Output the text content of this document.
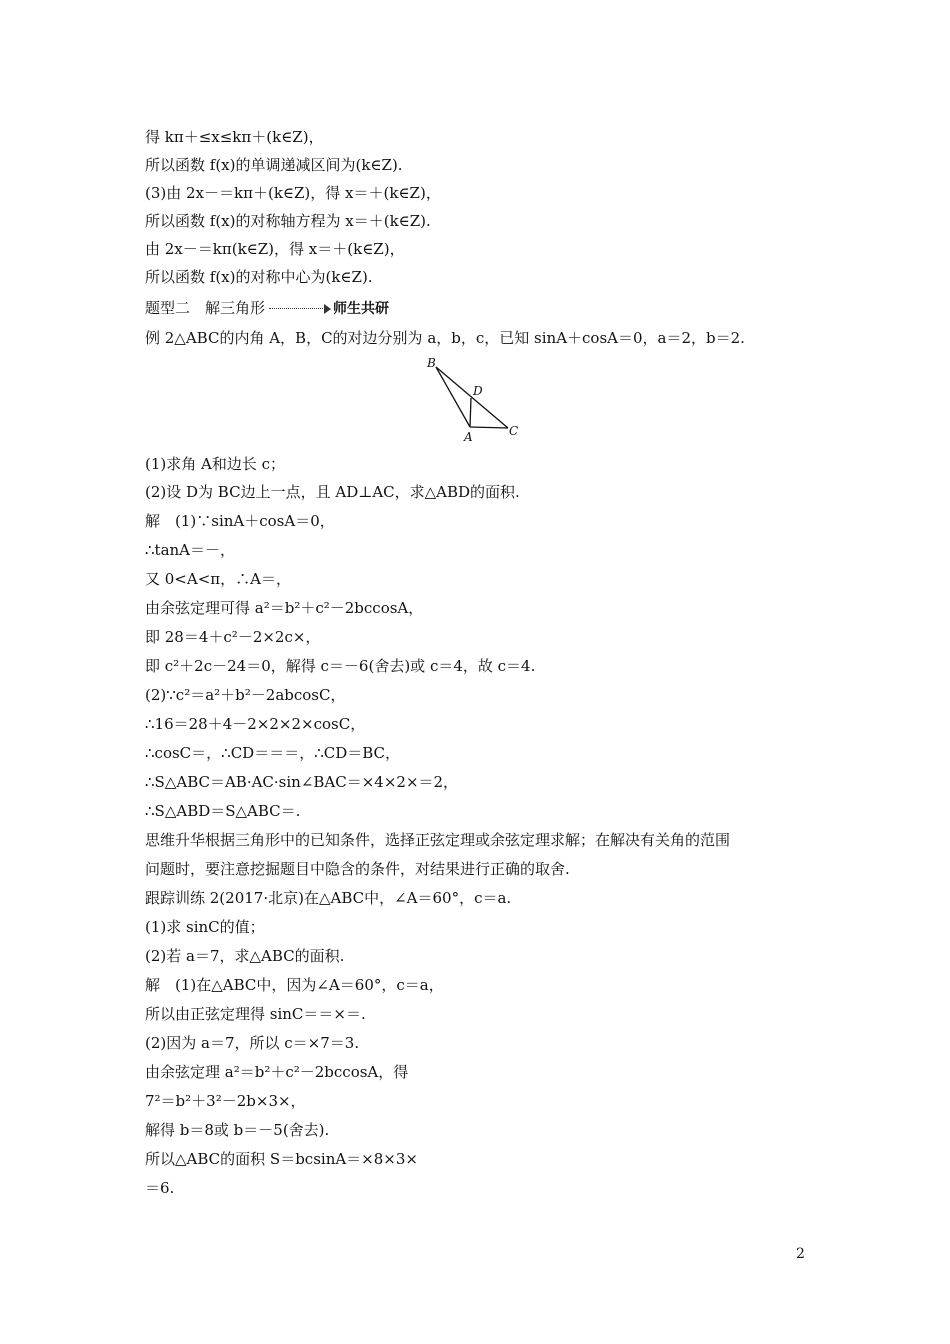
得 kπ＋≤x≤kπ＋(k∈Z)，
所以函数 f(x)的单调递减区间为(k∈Z).
(3)由 2x－＝kπ＋(k∈Z)，得 x＝＋(k∈Z)，
所以函数 f(x)的对称轴方程为 x＝＋(k∈Z).
由 2x－＝kπ(k∈Z)，得 x＝＋(k∈Z)，
所以函数 f(x)的对称中心为(k∈Z).
题型二　解三角形	师生共研
例 2△ABC的内角 A，B，C的对边分别为 a，b，c，已知 sinA＋cosA＝0，a＝2，b＝2.
B
D
A	C
(1)求角 A和边长 c；
(2)设 D为 BC边上一点，且 AD⊥AC，求△ABD的面积.
解　(1)∵sinA＋cosA＝0，
∴tanA＝－，
又 0<A<π，∴A＝，
由余弦定理可得 a²＝b²＋c²－2bccosA，
即 28＝4＋c²－2×2c×，
即 c²＋2c－24＝0，解得 c＝－6(舍去)或 c＝4，故 c＝4.
(2)∵c²＝a²＋b²－2abcosC，
∴16＝28＋4－2×2×2×cosC，
∴cosC＝，∴CD＝＝＝，∴CD＝BC，
∴S△ABC＝AB·AC·sin∠BAC＝×4×2×＝2，
∴S△ABD＝S△ABC＝.
思维升华根据三角形中的已知条件，选择正弦定理或余弦定理求解；在解决有关角的范围
问题时，要注意挖掘题目中隐含的条件，对结果进行正确的取舍.
跟踪训练 2(2017·北京)在△ABC中，∠A＝60°，c＝a.
(1)求 sinC的值；
(2)若 a＝7，求△ABC的面积.
解　(1)在△ABC中，因为∠A＝60°，c＝a，
所以由正弦定理得 sinC＝＝×＝.
(2)因为 a＝7，所以 c＝×7＝3.
由余弦定理 a²＝b²＋c²－2bccosA，得
7²＝b²＋3²－2b×3×，
解得 b＝8或 b＝－5(舍去).
所以△ABC的面积 S＝bcsinA＝×8×3×
＝6.
2
